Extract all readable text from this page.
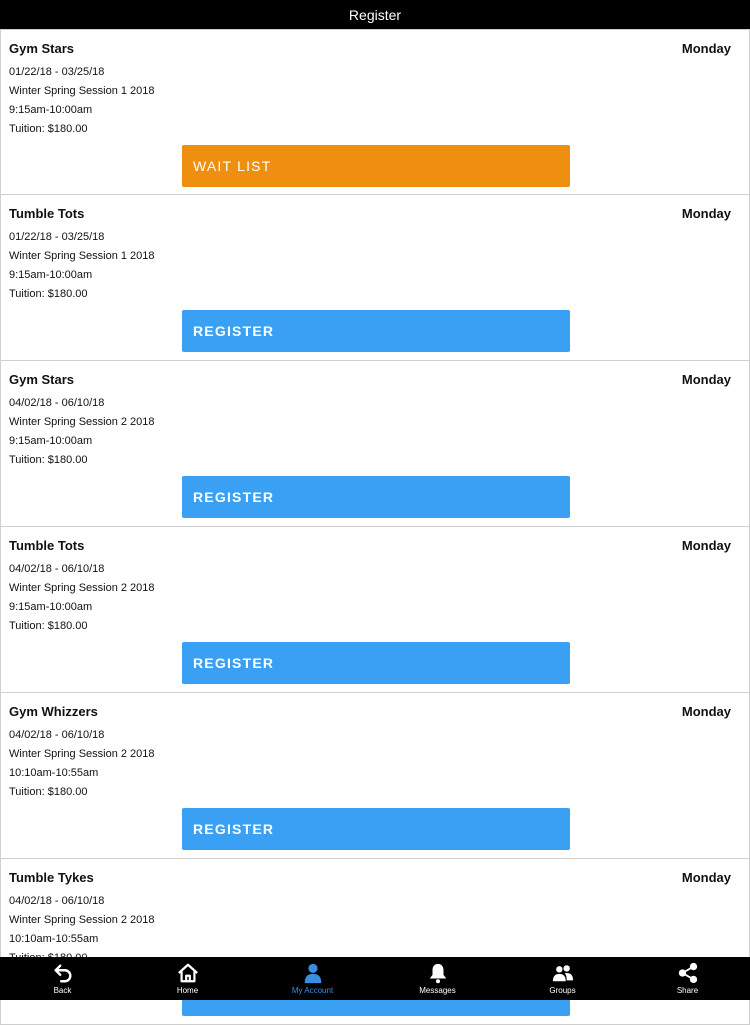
Register
Gym Stars	Monday
01/22/18 - 03/25/18
Winter Spring Session 1 2018
9:15am-10:00am
Tuition: $180.00
WAIT LIST
Tumble Tots	Monday
01/22/18 - 03/25/18
Winter Spring Session 1 2018
9:15am-10:00am
Tuition: $180.00
REGISTER
Gym Stars	Monday
04/02/18 - 06/10/18
Winter Spring Session 2 2018
9:15am-10:00am
Tuition: $180.00
REGISTER
Tumble Tots	Monday
04/02/18 - 06/10/18
Winter Spring Session 2 2018
9:15am-10:00am
Tuition: $180.00
REGISTER
Gym Whizzers	Monday
04/02/18 - 06/10/18
Winter Spring Session 2 2018
10:10am-10:55am
Tuition: $180.00
REGISTER
Tumble Tykes	Monday
04/02/18 - 06/10/18
Winter Spring Session 2 2018
10:10am-10:55am
Back	Home	My Account	Messages	Groups	Share
